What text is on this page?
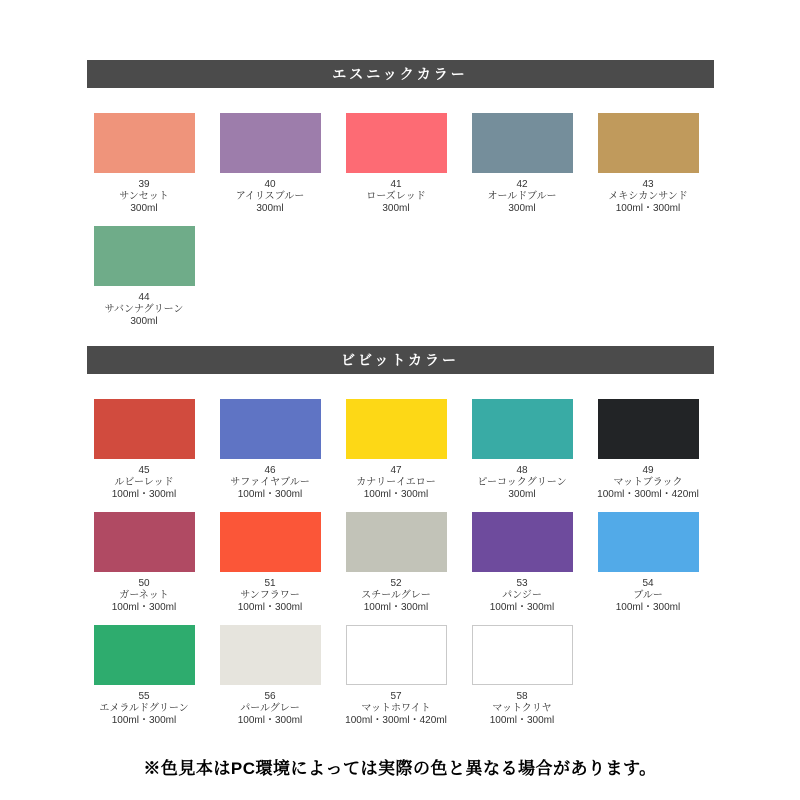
エスニックカラー
39
サンセット
300ml
40
アイリスブルー
300ml
41
ローズレッド
300ml
42
オールドブルー
300ml
43
メキシカンサンド
100ml・300ml
44
サバンナグリーン
300ml
ビビットカラー
45
ルビーレッド
100ml・300ml
46
サファイヤブルー
100ml・300ml
47
カナリーイエロー
100ml・300ml
48
ピーコックグリーン
300ml
49
マットブラック
100ml・300ml・420ml
50
ガーネット
100ml・300ml
51
サンフラワー
100ml・300ml
52
スチールグレー
100ml・300ml
53
パンジー
100ml・300ml
54
ブルー
100ml・300ml
55
エメラルドグリーン
100ml・300ml
56
パールグレー
100ml・300ml
57
マットホワイト
100ml・300ml・420ml
58
マットクリヤ
100ml・300ml
※色見本はPC環境によっては実際の色と異なる場合があります。
